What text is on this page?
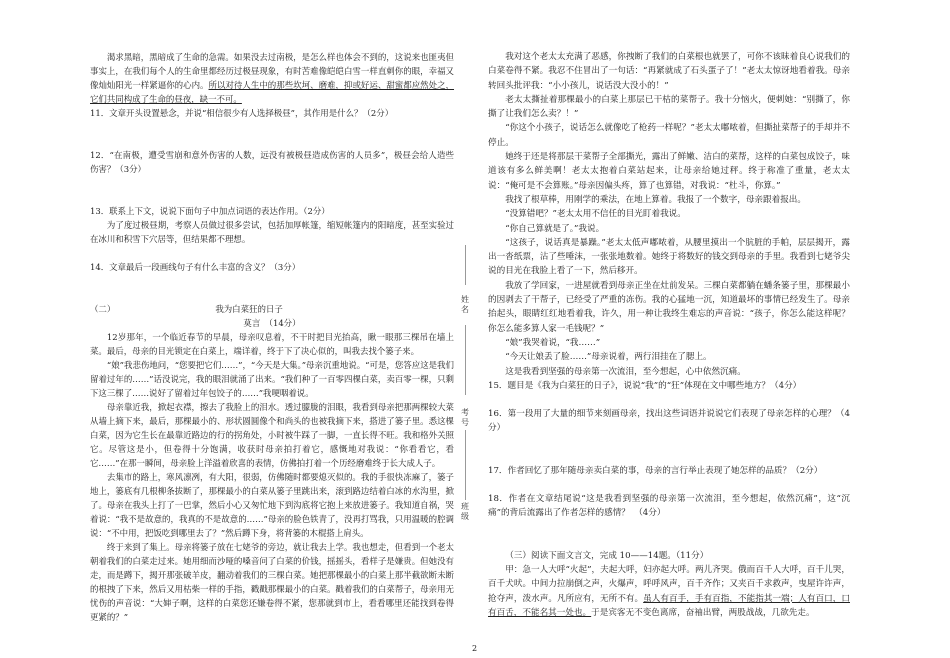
渴求黑暗，黑暗成了生命的急需。如果没去过南极，是怎么样也体会不到的，这说来也匪夷但事实上，在我们每个人的生命里都经历过极昼现象，有时苦难像皑皑白雪一样直刺你的眼，幸福又像灿灿阳光一样紧逼你的心内。所以对待人生中的那些坎坷、磨难，抑或好运、甜蜜都应然处之，它们共同构成了生命的昼夜，缺一不可。

11．文章开头设置悬念，并说“相信很少有人选择极昼”，其作用是什么？（2分）

12．“在南极，遭受雪崩和意外伤害的人数，远没有被极昼造成伤害的人员多”，极昼会给人造些伤害？（3分）

13．联系上下文，说说下面句子中加点词语的表达作用。（2分）

为了度过极昼期，考察人员做过很多尝试，包括加厚帐篷，缩短帐篷内的阳暗度，甚至实验过在冰川和积雪下穴居等，但结果都不理想。

14．文章最后一段画线句子有什么丰富的含义？（3分）

（二）	我为白菜狂的日子

莫言　（14分）

12岁那年，一个临近春节的早晨，母亲叹息着，不干时把目光抬高，瞅一眼那三棵吊在墙上菜。最后，母亲的目光锁定在白菜上，端详着，终于下了决心似的，叫我去找个篓子来。

“娘”我悲伤地问，“您要把它们……”，“今天是大集。”母亲沉重地说。“可是，您答应这是我们留着过年的……”话没说完，我的眼泪就涌了出来。“我们种了一百零四棵白菜，卖百零一棵，只剩下这三棵了……说好了留着过年包饺子的……”我哽咽着说。

母亲靠近我，掀起衣襟，擦去了我脸上的泪水。透过朦胧的泪眼，我看到母亲把那两棵较大菜从墙上摘下来，最后，那棵最小的、形状圆圆像个和尚头的也被我摘下来，搭进了篓子里。悉这棵白菜，因为它生长在最靠近路边的行的拐角处，小时被牛踩了一脚，一直长得不旺。我和格外关照它。尽管这是小，但卷得十分饱满，收获时母亲拍打着它，感慨地对我说：“你看看它，看它……”在那一瞬间，母亲脸上洋溢着欣喜的表情，仿佛拍打着一个历经磨难终于长大成人子。

去集市的路上，寒风凛冽，有大阳，很弱，仿佛随时都要熄灭似的。我的手很快冻麻了，篓子地上，篓底有几根柳条拔断了，那棵最小的白菜从篓子里跳出来，滚到路边结着白冰的水沟里，掀了。母亲在我头上打了一巴掌，然后小心又匆忙地下到沟底将它抱上来放进篓子。我知道自祸，哭着说：“我不是故意的，我真的不是故意的……”母亲的脸色铁青了，没再打骂我，只用温暖的腔调说：“不中用，把饭吃到哪里去了？”然后蹲下身，将背篓的木棍搭上肩头。

终于来到了集上。母亲将篓子放在七姥爷的旁边，就让我去上学。我也想走，但看到一个老太朝着我们的白菜走过来。她用细而沙哑的嗓音问了白菜的价钱，摇摇头，看样子是嫌贵。但她没有走，而是蹲下，揭开那张破羊皮，翻动着我们的三棵白菜。她把那棵最小的白菜上那半截欲断未断的根拽了下来，然后又用枯柴一样的手指，戳戳那棵最小的白菜。戳着我们的白菜帮子，母亲用无忧伤的声音说：“大婶子啊，这样的白菜您还嫌卷得不紧，您那就到市上，看看哪里还能找到卷得更紧的？”

姓名
考号
班级

我对这个老太太充满了恶感，你拽断了我们的白菜根也就罢了，可你不该昧着良心说我们的白菜卷得不紧。我忍不住冒出了一句话：“再紧就成了石头蛋子了！”老太太惊讶地看着我。母亲转回头批评我：“小小孩儿，说话没大没小的！”

老太太撕扯着那棵最小的白菜上那层已干枯的菜帮子。我十分恼火，便刺她：“别撕了，你撕了让我们怎么卖？！”

“你这个小孩子，说话怎么就像吃了枪药一样呢？”老太太嘟哝着，但撕扯菜帮子的手却并不停止。

她终于还是将那层干菜帮子全部撕光，露出了鲜嫩、洁白的菜帮，这样的白菜包成饺子，味道该有多么鲜美啊！老太太抱着白菜站起来，让母亲给她过秤。终于称准了重量，老太太说：“俺可是不会算账。”母亲因偏头疼，算了也算错，对我说：“杜斗，你算。”

我找了根草棒，用刚学的乘法，在地上算着。我报了一个数字，母亲跟着报出。

“没算错吧？”老太太用不信任的目光盯着我说。

“你自己算就是了。”我说。

“这孩子，说话真是暴躁。”老太太低声嘟哝着，从腰里摸出一个肮脏的手帕，层层揭开，露出一沓纸票，沾了些唾沫，一张张地数着。她终于将数好的钱交到母亲的手里。我看到七姥爷尖说的目光在我脸上看了一下，然后移开。

我放了学回家，一进屋就看到母亲正坐在灶前发呆。三棵白菜都躺在蟠条篓子里，那棵最小的因剥去了干帮子，已经受了严重的冻伤。我的心猛地一沉，知道最坏的事情已经发生了。母亲抬起头，眼睛红红地看着我，许久，用一种让我终生难忘的声音说：“孩子，你怎么能这样呢？你怎么能多算人家一毛钱呢？”

“娘”我哭着说，“我……”

“今天让娘丢了脸……”母亲说着，两行泪挂在了腮上。

这是我看到坚强的母亲第一次流泪，至今想起，心中依然沉痛。

15．题目是《我为白菜狂的日子》，说说“我”的“狂”体现在文中哪些地方？（4分）

16．第一段用了大量的细节来刻画母亲，找出这些词语并说说它们表现了母亲怎样的心理？（4分）

17．作者回忆了那年随母亲卖白菜的事，母亲的言行举止表现了她怎样的品质？（2分）

18．作者在文章结尾说“这是我看到坚强的母亲第一次流泪，至今想起，依然沉痛”，这“沉痛”的背后流露出了作者怎样的感情？　（4分）

（三）阅读下面文言文，完成 10——14题。（11分）

甲：急一人大呼“火起”，夫起大呼，妇亦起大呼。两儿齐哭。俄而百千人大呼，百千儿哭，百千犬吠。中间力拉崩倒之声，火爆声，呼呼风声，百千齐作；又夹百千求救声，曳屋许许声，抢夺声，泼水声。凡所应有，无所不有。虽人有百手，手有百指，不能指其一端；人有百口，口有百舌，不能名其一处也。于是宾客无不变色离席，奋袖出臂，两股战战，几欲先走。

2
